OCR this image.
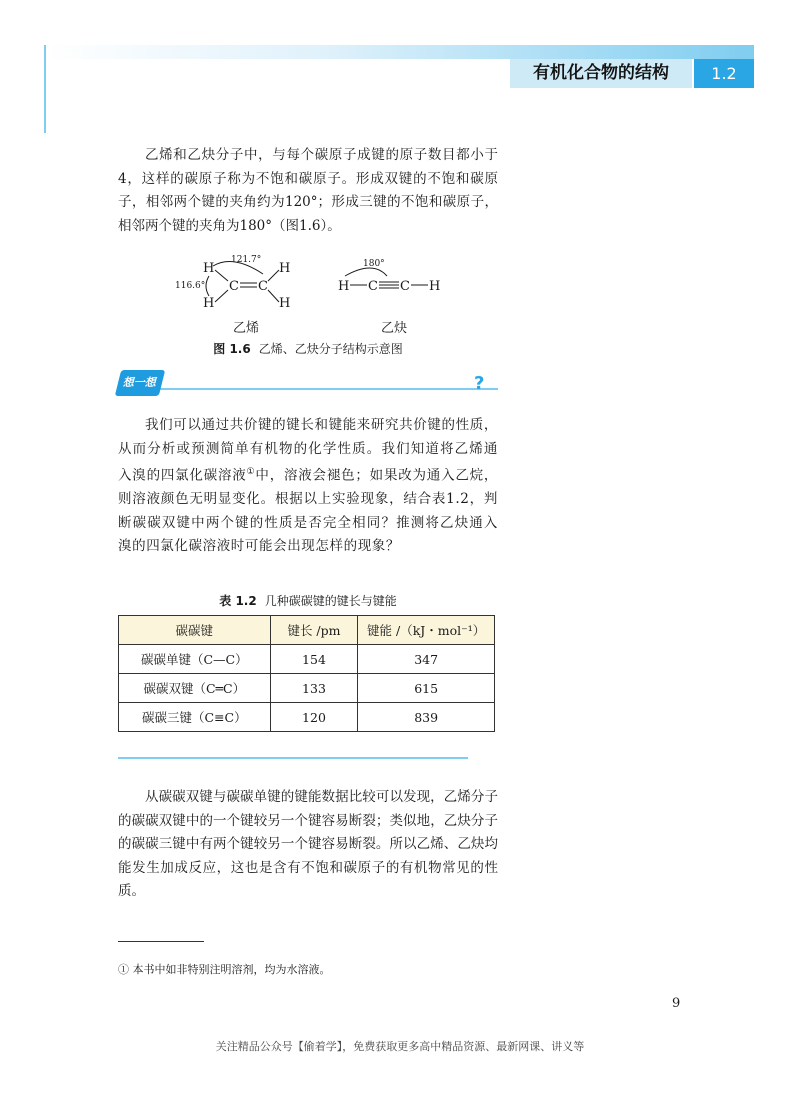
有机化合物的结构	1.2

乙烯和乙炔分子中，与每个碳原子成键的原子数目都小于4，这样的碳原子称为不饱和碳原子。形成双键的不饱和碳原子，相邻两个键的夹角约为120°；形成三键的不饱和碳原子，相邻两个键的夹角为180°（图1.6）。

H
H
C C
H
H
121.7°
116.6°	H C C H
180°
乙烯	乙炔
图 1.6 乙烯、乙炔分子结构示意图
想一想	?

我们可以通过共价键的键长和键能来研究共价键的性质，从而分析或预测简单有机物的化学性质。我们知道将乙烯通入溴的四氯化碳溶液①中，溶液会褪色；如果改为通入乙烷，则溶液颜色无明显变化。根据以上实验现象，结合表1.2，判断碳碳双键中两个键的性质是否完全相同？推测将乙炔通入溴的四氯化碳溶液时可能会出现怎样的现象？

表 1.2 几种碳碳键的键长与键能
碳碳键	键长 /pm	键能 /（kJ・mol⁻¹）
碳碳单键（C—C）	154	347
碳碳双键（C═C）	133	615
碳碳三键（C≡C）	120	839

从碳碳双键与碳碳单键的键能数据比较可以发现，乙烯分子的碳碳双键中的一个键较另一个键容易断裂；类似地，乙炔分子的碳碳三键中有两个键较另一个键容易断裂。所以乙烯、乙炔均能发生加成反应，这也是含有不饱和碳原子的有机物常见的性质。

① 本书中如非特别注明溶剂，均为水溶液。
9
关注精品公众号【偷着学】，免费获取更多高中精品资源、最新网课、讲义等
